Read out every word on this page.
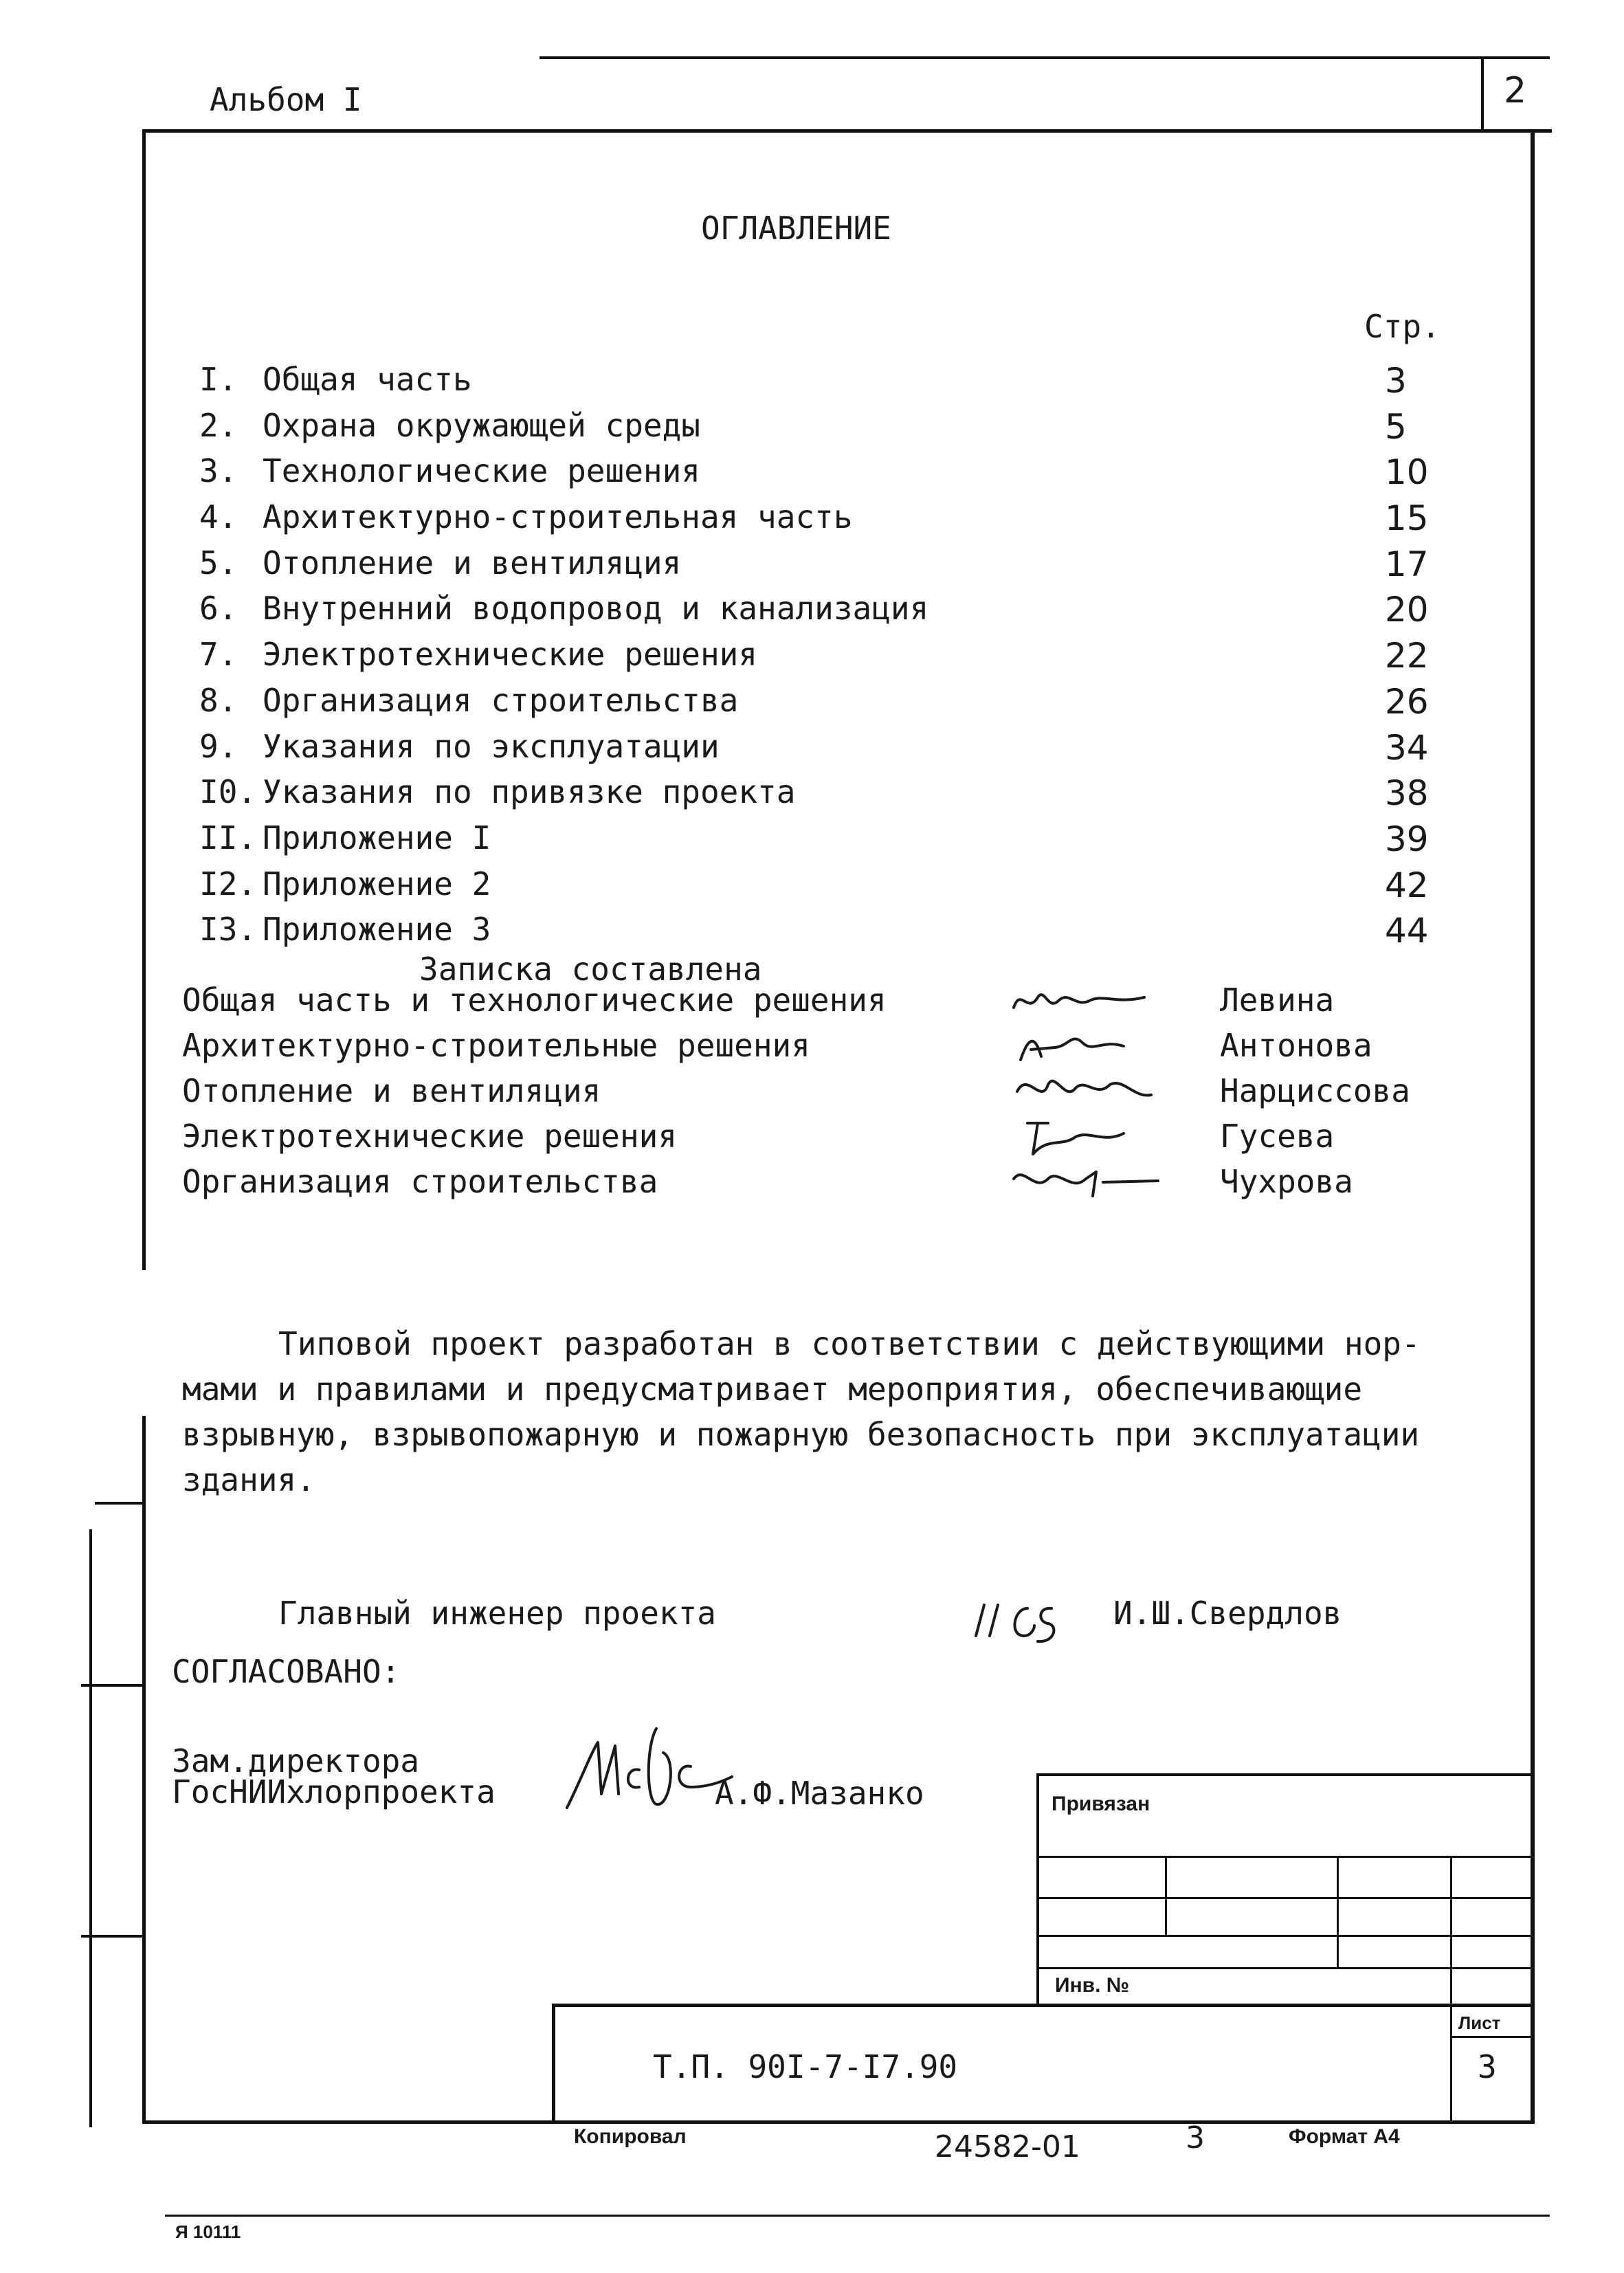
Альбом I	2
ОГЛАВЛЕНИЕ
Стр.
I. Общая часть	3
2. Охрана окружающей среды	5
3. Технологические решения	10
4. Архитектурно-строительная часть	15
5. Отопление и вентиляция	17
6. Внутренний водопровод и канализация	20
7. Электротехнические решения	22
8. Организация строительства	26
9. Указания по эксплуатации	34
I0. Указания по привязке проекта	38
II. Приложение I	39
I2. Приложение 2	42
I3. Приложение 3	44
Записка составлена
Общая часть и технологические решения	Левина
Архитектурно-строительные решения	Антонова
Отопление и вентиляция	Нарциссова
Электротехнические решения	Гусева
Организация строительства	Чухрова
Типовой проект разработан в соответствии с действующими нор-
мами и правилами и предусматривает мероприятия, обеспечивающие
взрывную, взрывопожарную и пожарную безопасность при эксплуатации
здания.
Главный инженер проекта	И.Ш.Свердлов
СОГЛАСОВАНО:
Зам.директора
ГосНИИхлорпроекта	А.Ф.Мазанко	Привязан
Инв. №
Лист
3
Т.П. 90I-7-I7.90
Копировал	24582-01	3	Формат А4
Я 10111
